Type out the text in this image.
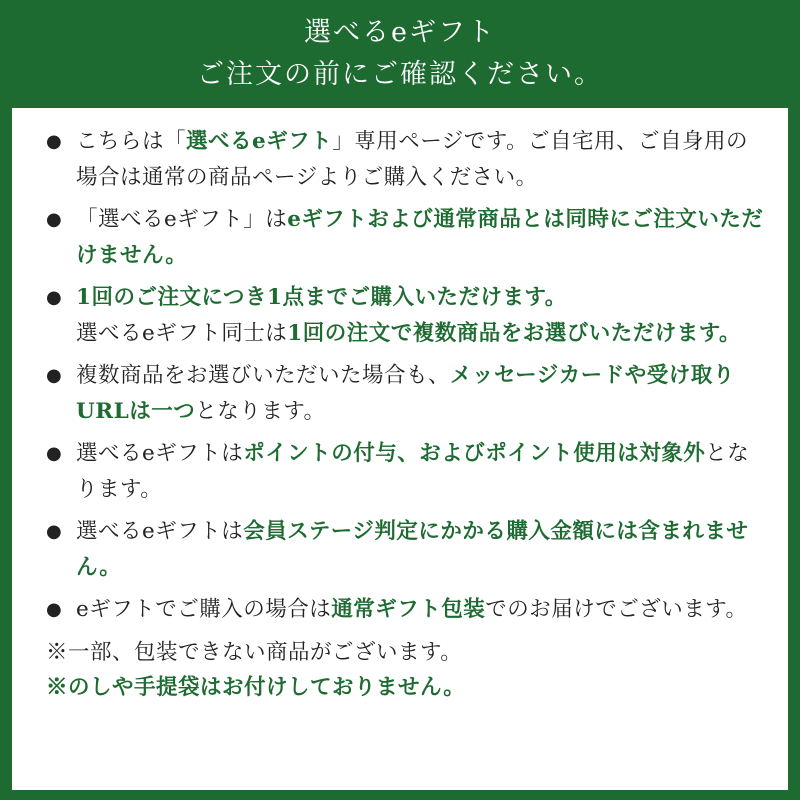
選べるeギフト
ご注文の前にご確認ください。
● こちらは「選べるeギフト」専用ページです。ご自宅用、ご自身用の場合は通常の商品ページよりご購入ください。
● 「選べるeギフト」はeギフトおよび通常商品とは同時にご注文いただけません。
● 1回のご注文につき1点までご購入いただけます。
選べるeギフト同士は1回の注文で複数商品をお選びいただけます。
● 複数商品をお選びいただいた場合も、メッセージカードや受け取りURLは一つとなります。
● 選べるeギフトはポイントの付与、およびポイント使用は対象外となります。
● 選べるeギフトは会員ステージ判定にかかる購入金額には含まれません。
● eギフトでご購入の場合は通常ギフト包装でのお届けでございます。
※一部、包装できない商品がございます。
※のしや手提袋はお付けしておりません。
